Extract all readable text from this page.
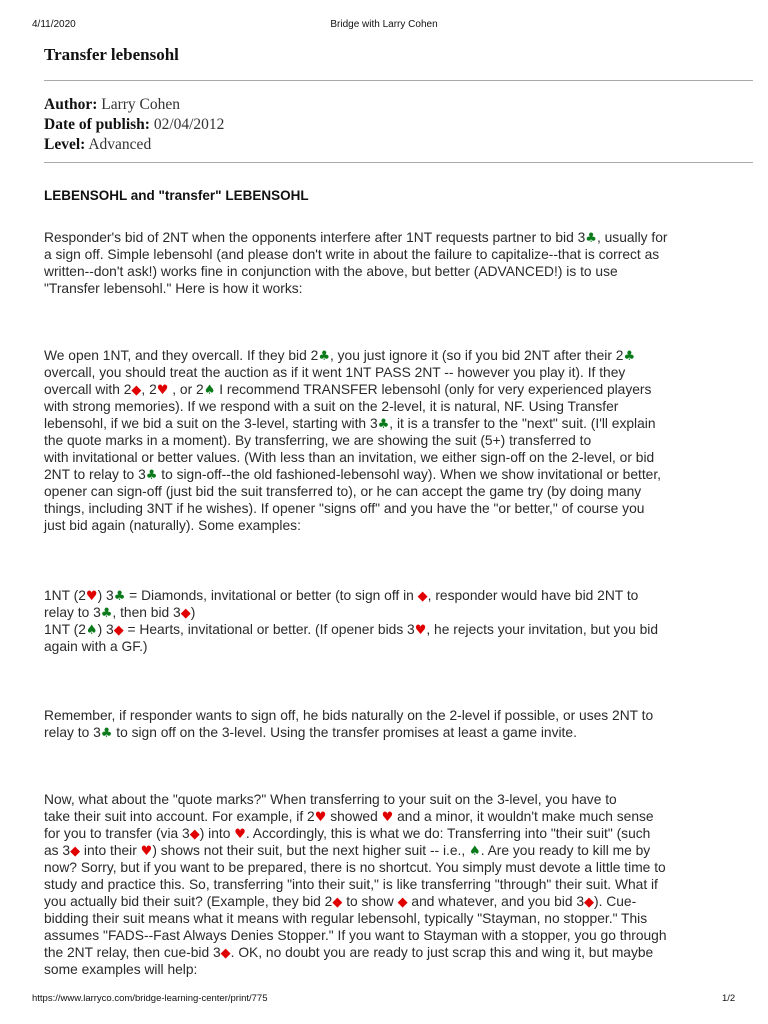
4/11/2020	Bridge with Larry Cohen
Transfer lebensohl
Author: Larry Cohen
Date of publish: 02/04/2012
Level: Advanced
LEBENSOHL and "transfer" LEBENSOHL
Responder's bid of 2NT when the opponents interfere after 1NT requests partner to bid 3♣, usually for
a sign off. Simple lebensohl (and please don't write in about the failure to capitalize--that is correct as
written--don't ask!) works fine in conjunction with the above, but better (ADVANCED!) is to use
"Transfer lebensohl." Here is how it works:
We open 1NT, and they overcall. If they bid 2♣, you just ignore it (so if you bid 2NT after their 2♣
overcall, you should treat the auction as if it went 1NT PASS 2NT -- however you play it). If they
overcall with 2◆, 2♥ , or 2♠ I recommend TRANSFER lebensohl (only for very experienced players
with strong memories). If we respond with a suit on the 2-level, it is natural, NF. Using Transfer
lebensohl, if we bid a suit on the 3-level, starting with 3♣, it is a transfer to the "next" suit. (I'll explain
the quote marks in a moment). By transferring, we are showing the suit (5+) transferred to
with invitational or better values. (With less than an invitation, we either sign-off on the 2-level, or bid
2NT to relay to 3♣ to sign-off--the old fashioned-lebensohl way). When we show invitational or better,
opener can sign-off (just bid the suit transferred to), or he can accept the game try (by doing many
things, including 3NT if he wishes). If opener "signs off" and you have the "or better," of course you
just bid again (naturally). Some examples:
1NT (2♥) 3♣ = Diamonds, invitational or better (to sign off in ◆, responder would have bid 2NT to
relay to 3♣, then bid 3◆)
1NT (2♠) 3◆ = Hearts, invitational or better. (If opener bids 3♥, he rejects your invitation, but you bid
again with a GF.)
Remember, if responder wants to sign off, he bids naturally on the 2-level if possible, or uses 2NT to
relay to 3♣ to sign off on the 3-level. Using the transfer promises at least a game invite.
Now, what about the "quote marks?" When transferring to your suit on the 3-level, you have to
take their suit into account. For example, if 2♥ showed ♥ and a minor, it wouldn't make much sense
for you to transfer (via 3◆) into ♥. Accordingly, this is what we do: Transferring into "their suit" (such
as 3◆ into their ♥) shows not their suit, but the next higher suit -- i.e., ♠. Are you ready to kill me by
now? Sorry, but if you want to be prepared, there is no shortcut. You simply must devote a little time to
study and practice this. So, transferring "into their suit," is like transferring "through" their suit. What if
you actually bid their suit? (Example, they bid 2◆ to show ◆ and whatever, and you bid 3◆). Cue-
bidding their suit means what it means with regular lebensohl, typically "Stayman, no stopper." This
assumes "FADS--Fast Always Denies Stopper." If you want to Stayman with a stopper, you go through
the 2NT relay, then cue-bid 3◆. OK, no doubt you are ready to just scrap this and wing it, but maybe
some examples will help:
https://www.larryco.com/bridge-learning-center/print/775	1/2
